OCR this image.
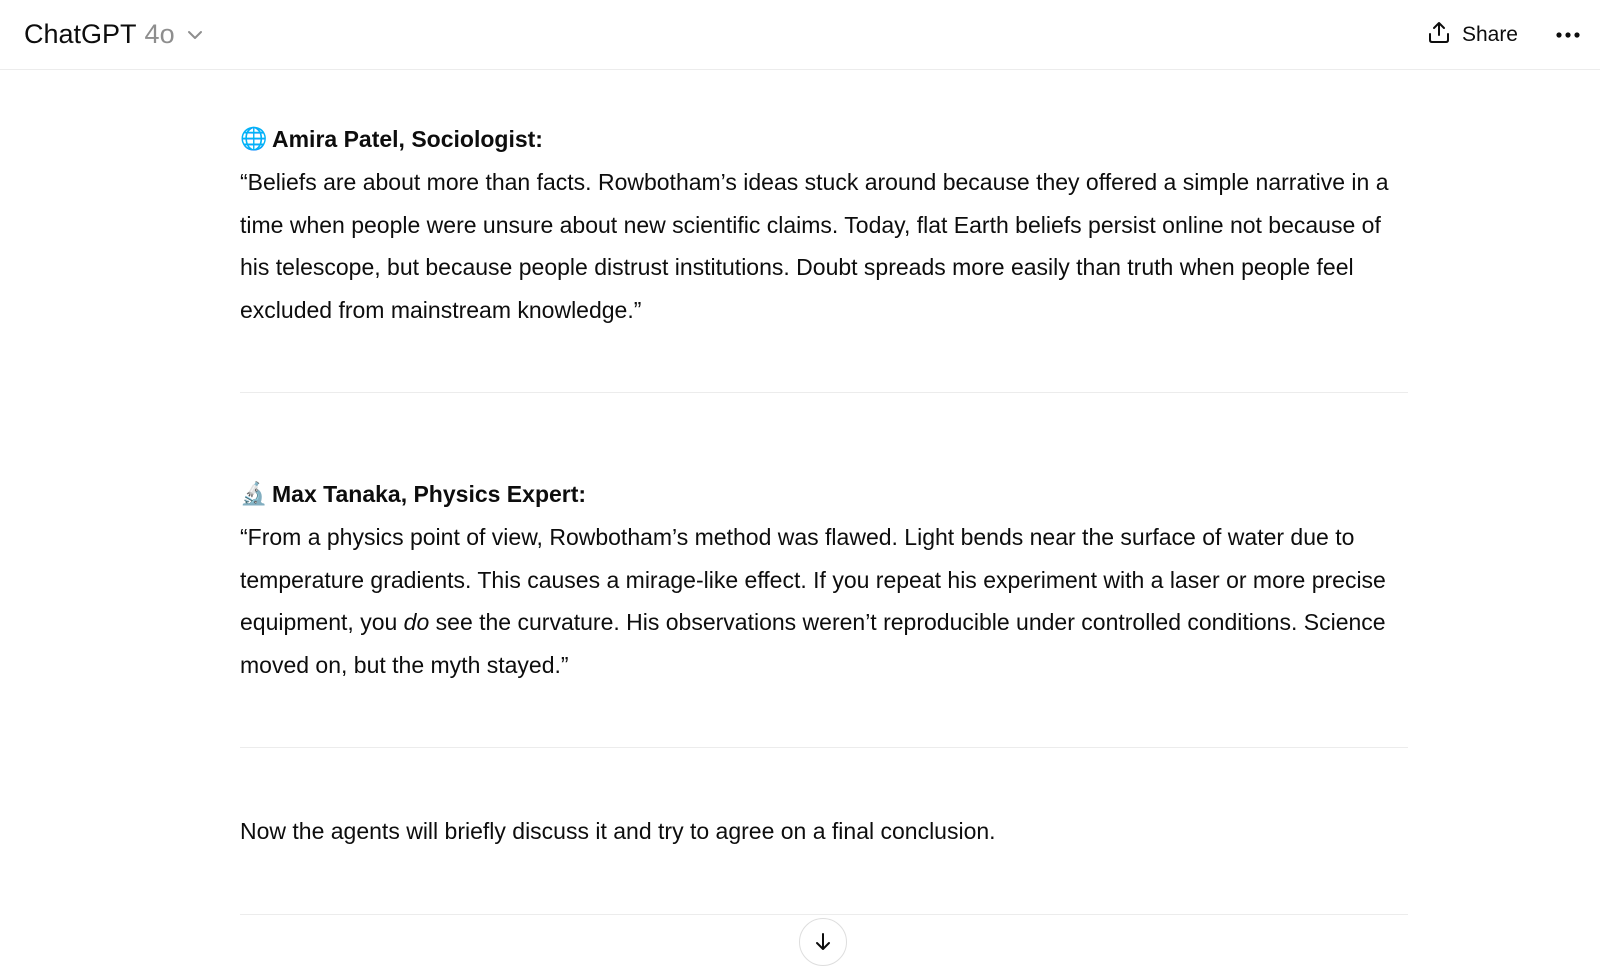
ChatGPT 4o	Share
🌐 Amira Patel, Sociologist:

“Beliefs are about more than facts. Rowbotham’s ideas stuck around because they offered a simple narrative in a time when people were unsure about new scientific claims. Today, flat Earth beliefs persist online not because of his telescope, but because people distrust institutions. Doubt spreads more easily than truth when people feel excluded from mainstream knowledge.”

🔬 Max Tanaka, Physics Expert:

“From a physics point of view, Rowbotham’s method was flawed. Light bends near the surface of water due to temperature gradients. This causes a mirage-like effect. If you repeat his experiment with a laser or more precise equipment, you do see the curvature. His observations weren’t reproducible under controlled conditions. Science moved on, but the myth stayed.”

Now the agents will briefly discuss it and try to agree on a final conclusion.
